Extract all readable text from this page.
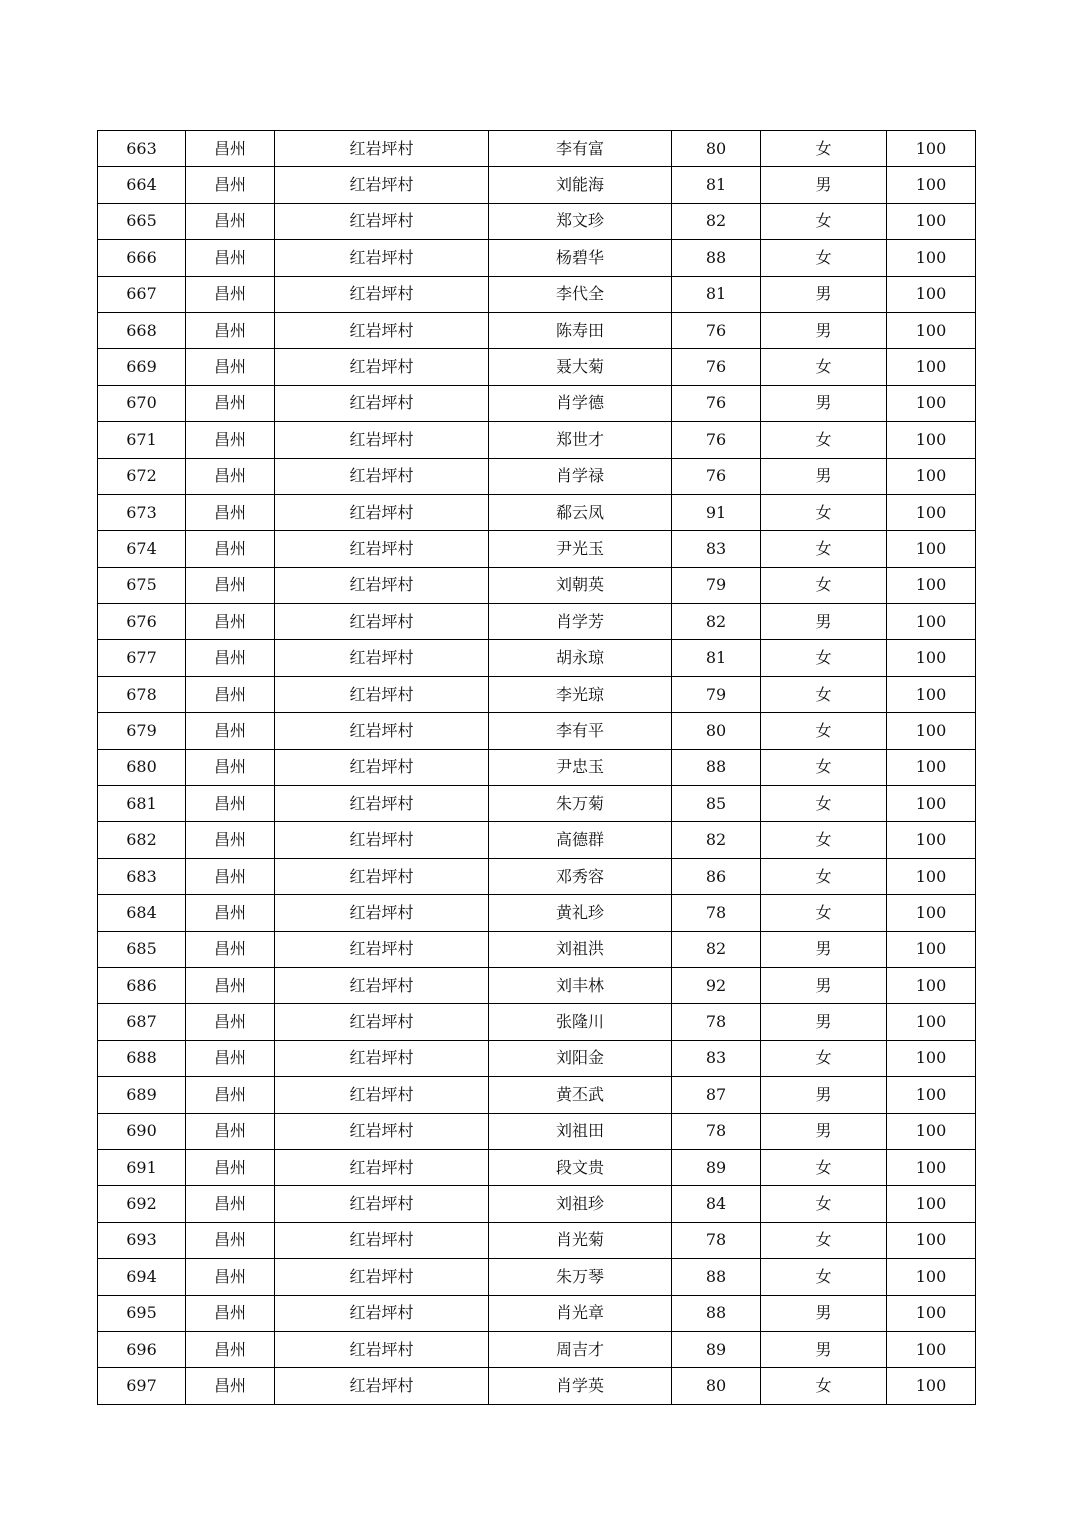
663	昌州	红岩坪村	李有富	80	女	100
664	昌州	红岩坪村	刘能海	81	男	100
665	昌州	红岩坪村	郑文珍	82	女	100
666	昌州	红岩坪村	杨碧华	88	女	100
667	昌州	红岩坪村	李代全	81	男	100
668	昌州	红岩坪村	陈寿田	76	男	100
669	昌州	红岩坪村	聂大菊	76	女	100
670	昌州	红岩坪村	肖学德	76	男	100
671	昌州	红岩坪村	郑世才	76	女	100
672	昌州	红岩坪村	肖学禄	76	男	100
673	昌州	红岩坪村	郗云凤	91	女	100
674	昌州	红岩坪村	尹光玉	83	女	100
675	昌州	红岩坪村	刘朝英	79	女	100
676	昌州	红岩坪村	肖学芳	82	男	100
677	昌州	红岩坪村	胡永琼	81	女	100
678	昌州	红岩坪村	李光琼	79	女	100
679	昌州	红岩坪村	李有平	80	女	100
680	昌州	红岩坪村	尹忠玉	88	女	100
681	昌州	红岩坪村	朱万菊	85	女	100
682	昌州	红岩坪村	高德群	82	女	100
683	昌州	红岩坪村	邓秀容	86	女	100
684	昌州	红岩坪村	黄礼珍	78	女	100
685	昌州	红岩坪村	刘祖洪	82	男	100
686	昌州	红岩坪村	刘丰林	92	男	100
687	昌州	红岩坪村	张隆川	78	男	100
688	昌州	红岩坪村	刘阳金	83	女	100
689	昌州	红岩坪村	黄丕武	87	男	100
690	昌州	红岩坪村	刘祖田	78	男	100
691	昌州	红岩坪村	段文贵	89	女	100
692	昌州	红岩坪村	刘祖珍	84	女	100
693	昌州	红岩坪村	肖光菊	78	女	100
694	昌州	红岩坪村	朱万琴	88	女	100
695	昌州	红岩坪村	肖光章	88	男	100
696	昌州	红岩坪村	周吉才	89	男	100
697	昌州	红岩坪村	肖学英	80	女	100
